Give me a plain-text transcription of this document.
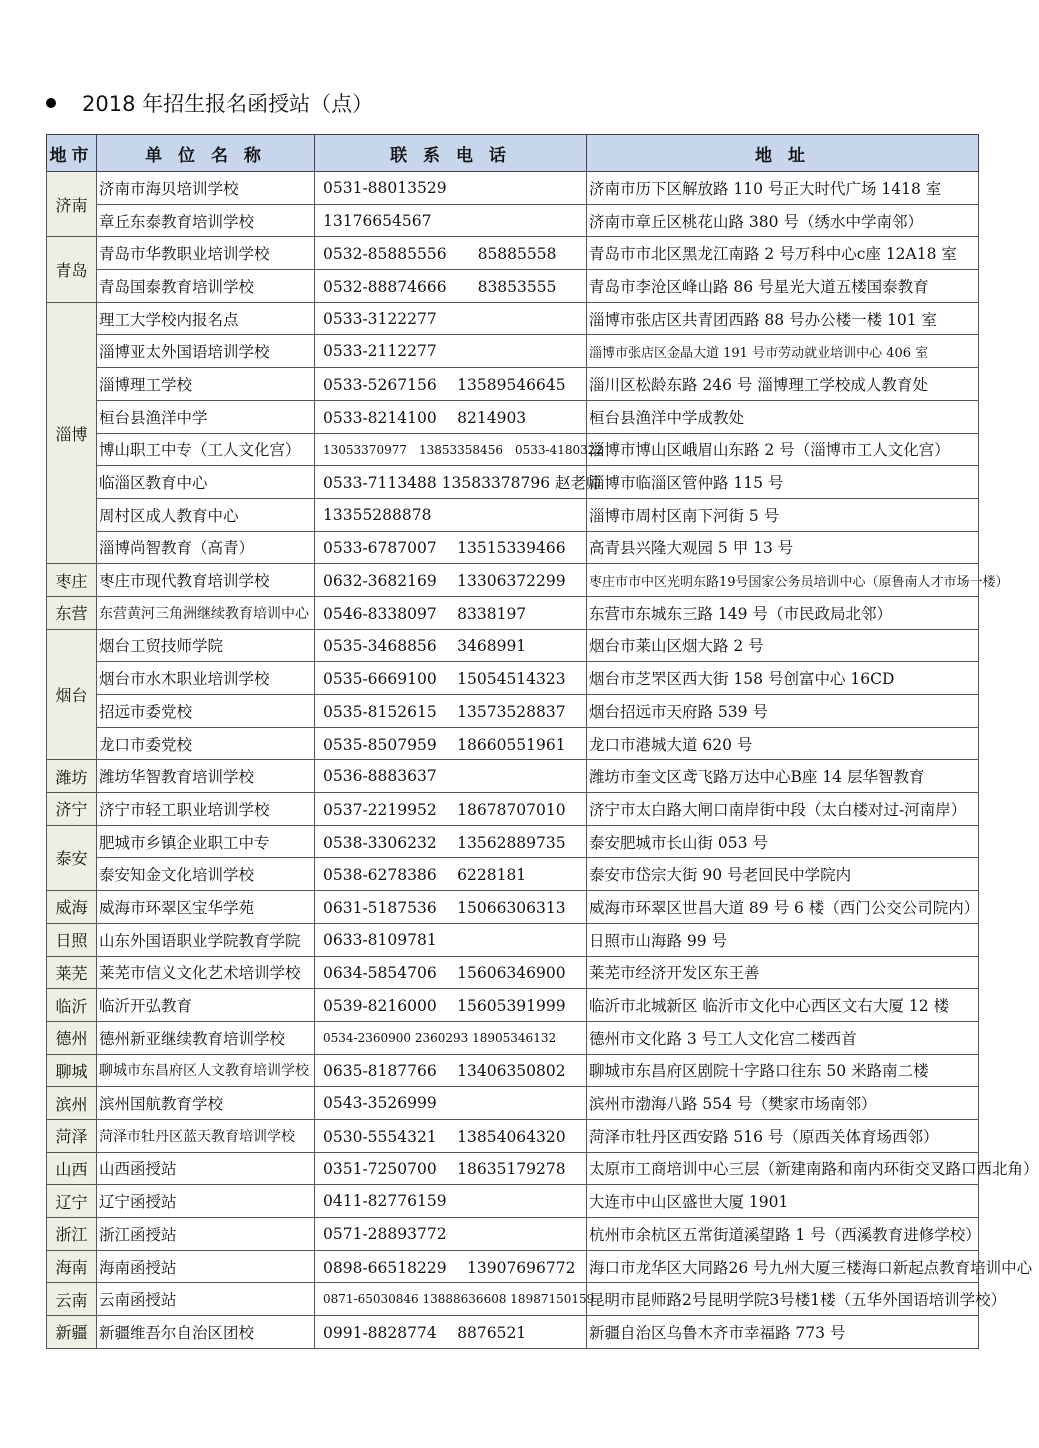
2018 年招生报名函授站（点）
地市	单 位 名 称	联 系 电 话	地 址
济南	济南市海贝培训学校	0531-88013529	济南市历下区解放路 110 号正大时代广场 1418 室
	章丘东泰教育培训学校	13176654567	济南市章丘区桃花山路 380 号（绣水中学南邻）
青岛	青岛市华教职业培训学校	0532-85885556　　85885558	青岛市市北区黑龙江南路 2 号万科中心c座 12A18 室
	青岛国泰教育培训学校	0532-88874666　　83853555	青岛市李沧区峰山路 86 号星光大道五楼国泰教育
淄博	理工大学校内报名点	0533-3122277	淄博市张店区共青团西路 88 号办公楼一楼 101 室
	淄博亚太外国语培训学校	0533-2112277	淄博市张店区金晶大道 191 号市劳动就业培训中心 406 室
	淄博理工学校	0533-5267156　 13589546645	淄川区松龄东路 246 号 淄博理工学校成人教育处
	桓台县渔洋中学	0533-8214100　 8214903	桓台县渔洋中学成教处
	博山职工中专（工人文化宫）	13053370977　13853358456　0533-4180322	淄博市博山区峨眉山东路 2 号（淄博市工人文化宫）
	临淄区教育中心	0533-7113488 13583378796 赵老师	淄博市临淄区管仲路 115 号
	周村区成人教育中心	13355288878	淄博市周村区南下河街 5 号
	淄博尚智教育（高青）	0533-6787007　 13515339466	高青县兴隆大观园 5 甲 13 号
枣庄	枣庄市现代教育培训学校	0632-3682169　 13306372299	枣庄市市中区光明东路19号国家公务员培训中心（原鲁南人才市场一楼）
东营	东营黄河三角洲继续教育培训中心	0546-8338097　 8338197	东营市东城东三路 149 号（市民政局北邻）
烟台	烟台工贸技师学院	0535-3468856　 3468991	烟台市莱山区烟大路 2 号
	烟台市水木职业培训学校	0535-6669100　 15054514323	烟台市芝罘区西大街 158 号创富中心 16CD
	招远市委党校	0535-8152615　 13573528837	烟台招远市天府路 539 号
	龙口市委党校	0535-8507959　 18660551961	龙口市港城大道 620 号
潍坊	潍坊华智教育培训学校	0536-8883637	潍坊市奎文区鸢飞路万达中心B座 14 层华智教育
济宁	济宁市轻工职业培训学校	0537-2219952　 18678707010	济宁市太白路大闸口南岸街中段（太白楼对过-河南岸）
泰安	肥城市乡镇企业职工中专	0538-3306232　 13562889735	泰安肥城市长山街 053 号
	泰安知金文化培训学校	0538-6278386　 6228181	泰安市岱宗大街 90 号老回民中学院内
威海	威海市环翠区宝华学苑	0631-5187536　 15066306313	威海市环翠区世昌大道 89 号 6 楼（西门公交公司院内）
日照	山东外国语职业学院教育学院	0633-8109781	日照市山海路 99 号
莱芜	莱芜市信义文化艺术培训学校	0634-5854706　 15606346900	莱芜市经济开发区东王善
临沂	临沂开弘教育	0539-8216000　 15605391999	临沂市北城新区 临沂市文化中心西区文右大厦 12 楼
德州	德州新亚继续教育培训学校	0534-2360900 2360293 18905346132	德州市文化路 3 号工人文化宫二楼西首
聊城	聊城市东昌府区人文教育培训学校	0635-8187766　 13406350802	聊城市东昌府区剧院十字路口往东 50 米路南二楼
滨州	滨州国航教育学校	0543-3526999	滨州市渤海八路 554 号（樊家市场南邻）
菏泽	菏泽市牡丹区蓝天教育培训学校	0530-5554321　 13854064320	菏泽市牡丹区西安路 516 号（原西关体育场西邻）
山西	山西函授站	0351-7250700　 18635179278	太原市工商培训中心三层（新建南路和南内环街交叉路口西北角）
辽宁	辽宁函授站	0411-82776159	大连市中山区盛世大厦 1901
浙江	浙江函授站	0571-28893772	杭州市余杭区五常街道溪望路 1 号（西溪教育进修学校）
海南	海南函授站	0898-66518229　 13907696772	海口市龙华区大同路26 号九州大厦三楼海口新起点教育培训中心
云南	云南函授站	0871-65030846 13888636608 18987150159	昆明市昆师路2号昆明学院3号楼1楼（五华外国语培训学校）
新疆	新疆维吾尔自治区团校	0991-8828774　 8876521	新疆自治区乌鲁木齐市幸福路 773 号
